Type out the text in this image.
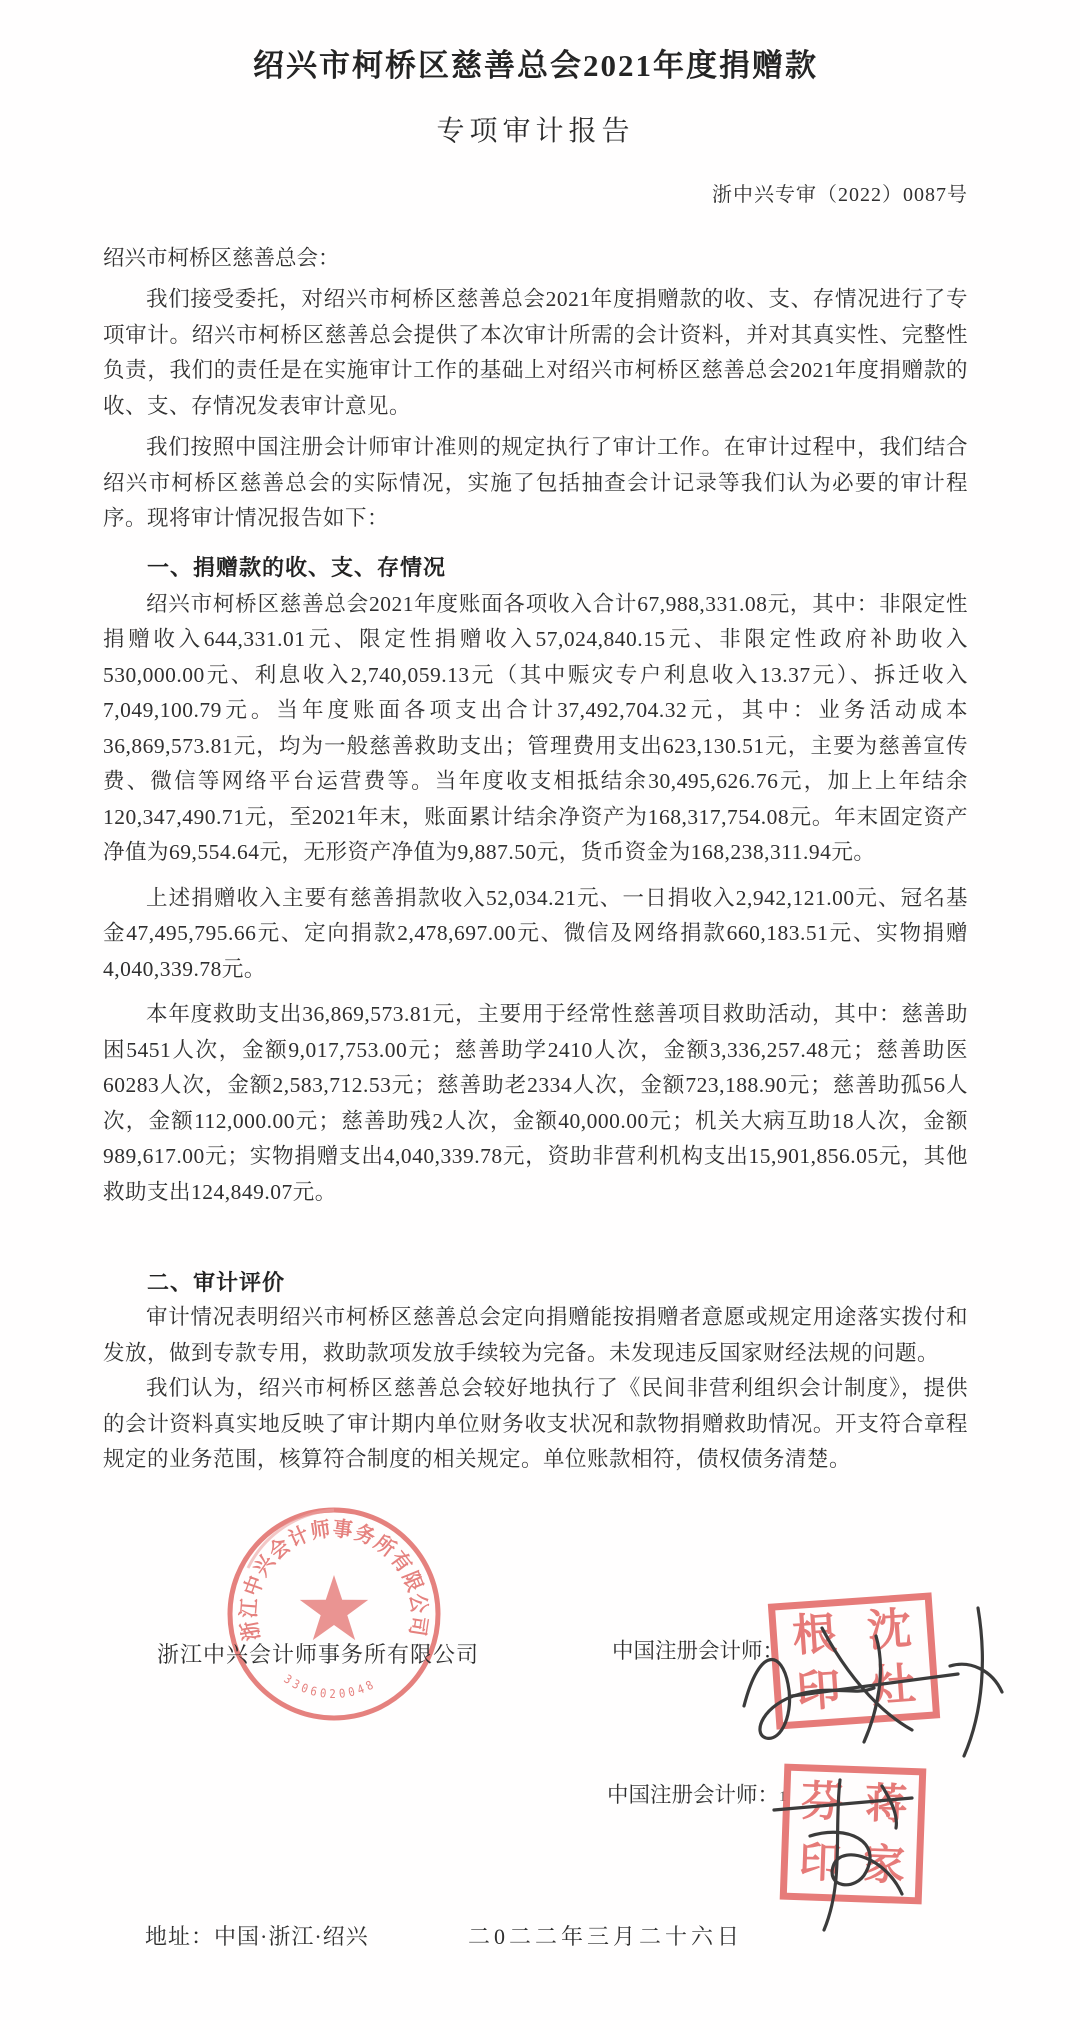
绍兴市柯桥区慈善总会2021年度捐赠款
专项审计报告
浙中兴专审（2022）0087号
绍兴市柯桥区慈善总会：

我们接受委托，对绍兴市柯桥区慈善总会2021年度捐赠款的收、支、存情况进行了专项审计。绍兴市柯桥区慈善总会提供了本次审计所需的会计资料，并对其真实性、完整性负责，我们的责任是在实施审计工作的基础上对绍兴市柯桥区慈善总会2021年度捐赠款的收、支、存情况发表审计意见。

我们按照中国注册会计师审计准则的规定执行了审计工作。在审计过程中，我们结合绍兴市柯桥区慈善总会的实际情况，实施了包括抽查会计记录等我们认为必要的审计程序。现将审计情况报告如下：

一、捐赠款的收、支、存情况

绍兴市柯桥区慈善总会2021年度账面各项收入合计67,988,331.08元，其中：非限定性捐赠收入644,331.01元、限定性捐赠收入57,024,840.15元、非限定性政府补助收入530,000.00元、利息收入2,740,059.13元（其中赈灾专户利息收入13.37元）、拆迁收入7,049,100.79元。当年度账面各项支出合计37,492,704.32元，其中：业务活动成本36,869,573.81元，均为一般慈善救助支出；管理费用支出623,130.51元，主要为慈善宣传费、微信等网络平台运营费等。当年度收支相抵结余30,495,626.76元，加上上年结余120,347,490.71元，至2021年末，账面累计结余净资产为168,317,754.08元。年末固定资产净值为69,554.64元，无形资产净值为9,887.50元，货币资金为168,238,311.94元。

上述捐赠收入主要有慈善捐款收入52,034.21元、一日捐收入2,942,121.00元、冠名基金47,495,795.66元、定向捐款2,478,697.00元、微信及网络捐款660,183.51元、实物捐赠4,040,339.78元。

本年度救助支出36,869,573.81元，主要用于经常性慈善项目救助活动，其中：慈善助困5451人次，金额9,017,753.00元；慈善助学2410人次，金额3,336,257.48元；慈善助医60283人次，金额2,583,712.53元；慈善助老2334人次，金额723,188.90元；慈善助孤56人次，金额112,000.00元；慈善助残2人次，金额40,000.00元；机关大病互助18人次，金额989,617.00元；实物捐赠支出4,040,339.78元，资助非营利机构支出15,901,856.05元，其他救助支出124,849.07元。

二、审计评价

审计情况表明绍兴市柯桥区慈善总会定向捐赠能按捐赠者意愿或规定用途落实拨付和发放，做到专款专用，救助款项发放手续较为完备。未发现违反国家财经法规的问题。

我们认为，绍兴市柯桥区慈善总会较好地执行了《民间非营利组织会计制度》，提供的会计资料真实地反映了审计期内单位财务收支状况和款物捐赠救助情况。开支符合章程规定的业务范围，核算符合制度的相关规定。单位账款相符，债权债务清楚。

浙江中兴会计师事务所有限公司
3306020048
浙江中兴会计师事务所有限公司	中国注册会计师： 根 沈
印 灶
中国注册会计师：1 芬 蒋
印 家
地址：中国·浙江·绍兴	二0二二年三月二十六日
